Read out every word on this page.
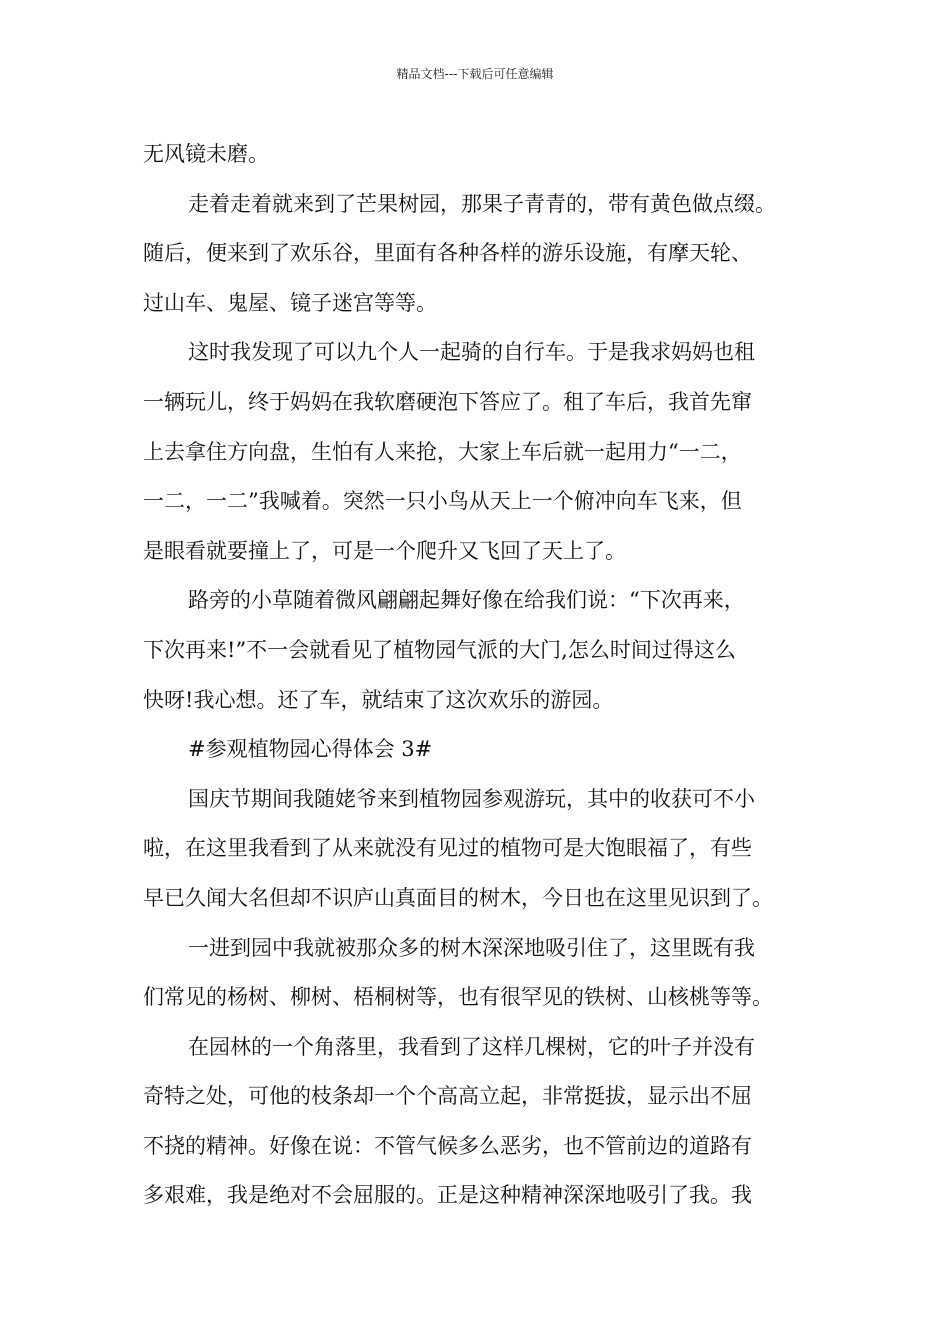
精品文档---下载后可任意编辑
无风镜未磨。
走着走着就来到了芒果树园，那果子青青的，带有黄色做点缀。
随后，便来到了欢乐谷，里面有各种各样的游乐设施，有摩天轮、
过山车、鬼屋、镜子迷宫等等。
这时我发现了可以九个人一起骑的自行车。于是我求妈妈也租
一辆玩儿，终于妈妈在我软磨硬泡下答应了。租了车后，我首先窜
上去拿住方向盘，生怕有人来抢，大家上车后就一起用力“一二，
一二，一二”我喊着。突然一只小鸟从天上一个俯冲向车飞来，但
是眼看就要撞上了，可是一个爬升又飞回了天上了。
路旁的小草随着微风翩翩起舞好像在给我们说：“下次再来，
下次再来!”不一会就看见了植物园气派的大门,怎么时间过得这么
快呀!我心想。还了车，就结束了这次欢乐的游园。
#参观植物园心得体会 3#
国庆节期间我随姥爷来到植物园参观游玩，其中的收获可不小
啦，在这里我看到了从来就没有见过的植物可是大饱眼福了，有些
早已久闻大名但却不识庐山真面目的树木，今日也在这里见识到了。
一进到园中我就被那众多的树木深深地吸引住了，这里既有我
们常见的杨树、柳树、梧桐树等，也有很罕见的铁树、山核桃等等。
在园林的一个角落里，我看到了这样几棵树，它的叶子并没有
奇特之处，可他的枝条却一个个高高立起，非常挺拔，显示出不屈
不挠的精神。好像在说：不管气候多么恶劣，也不管前边的道路有
多艰难，我是绝对不会屈服的。正是这种精神深深地吸引了我。我
